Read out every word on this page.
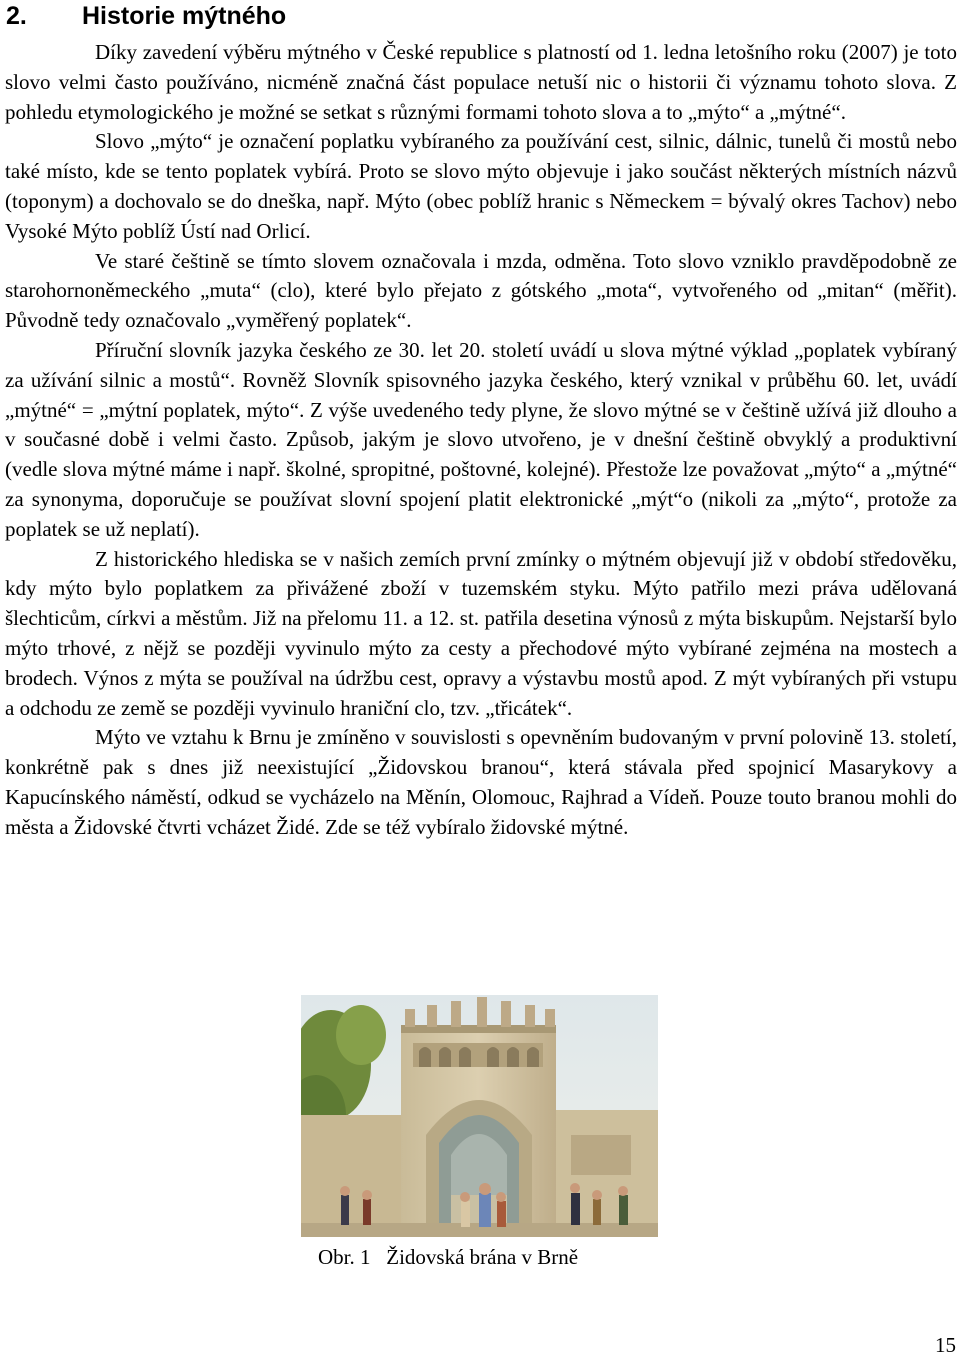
2. Historie mýtného

Díky zavedení výběru mýtného v České republice s platností od 1. ledna letošního roku (2007) je toto slovo velmi často používáno, nicméně značná část populace netuší nic o historii či významu tohoto slova. Z pohledu etymologického je možné se setkat s různými formami tohoto slova a to „mýto“ a „mýtné“.

Slovo „mýto“ je označení poplatku vybíraného za používání cest, silnic, dálnic, tunelů či mostů nebo také místo, kde se tento poplatek vybírá. Proto se slovo mýto objevuje i jako součást některých místních názvů (toponym) a dochovalo se do dneška, např. Mýto (obec poblíž hranic s Německem = bývalý okres Tachov) nebo Vysoké Mýto poblíž Ústí nad Orlicí.

Ve staré češtině se tímto slovem označovala i mzda, odměna. Toto slovo vzniklo pravděpodobně ze starohornoněmeckého „muta“ (clo), které bylo přejato z gótského „mota“, vytvořeného od „mitan“ (měřit). Původně tedy označovalo „vyměřený poplatek“.

Příruční slovník jazyka českého ze 30. let 20. století uvádí u slova mýtné výklad „poplatek vybíraný za užívání silnic a mostů“. Rovněž Slovník spisovného jazyka českého, který vznikal v průběhu 60. let, uvádí „mýtné“ = „mýtní poplatek, mýto“. Z výše uvedeného tedy plyne, že slovo mýtné se v češtině užívá již dlouho a v současné době i velmi často. Způsob, jakým je slovo utvořeno, je v dnešní češtině obvyklý a produktivní (vedle slova mýtné máme i např. školné, spropitné, poštovné, kolejné). Přestože lze považovat „mýto“ a „mýtné“ za synonyma, doporučuje se používat slovní spojení platit elektronické „mýt“o (nikoli za „mýto“, protože za poplatek se už neplatí).

Z historického hlediska se v našich zemích první zmínky o mýtném objevují již v období středověku, kdy mýto bylo poplatkem za přivážené zboží v tuzemském styku. Mýto patřilo mezi práva udělovaná šlechticům, církvi a městům. Již na přelomu 11. a 12. st. patřila desetina výnosů z mýta biskupům. Nejstarší bylo mýto trhové, z nějž se později vyvinulo mýto za cesty a přechodové mýto vybírané zejména na mostech a brodech. Výnos z mýta se používal na údržbu cest, opravy a výstavbu mostů apod. Z mýt vybíraných při vstupu a odchodu ze země se později vyvinulo hraniční clo, tzv. „třicátek“.

Mýto ve vztahu k Brnu je zmíněno v souvislosti s opevněním budovaným v první polovině 13. století, konkrétně pak s dnes již neexistující „Židovskou branou“, která stávala před spojnicí Masarykovy a Kapucínského náměstí, odkud se vycházelo na Měnín, Olomouc, Rajhrad a Vídeň. Pouze touto branou mohli do města a Židovské čtvrti vcházet Židé. Zde se též vybíralo židovské mýtné.

Obr. 1   Židovská brána v Brně
15
